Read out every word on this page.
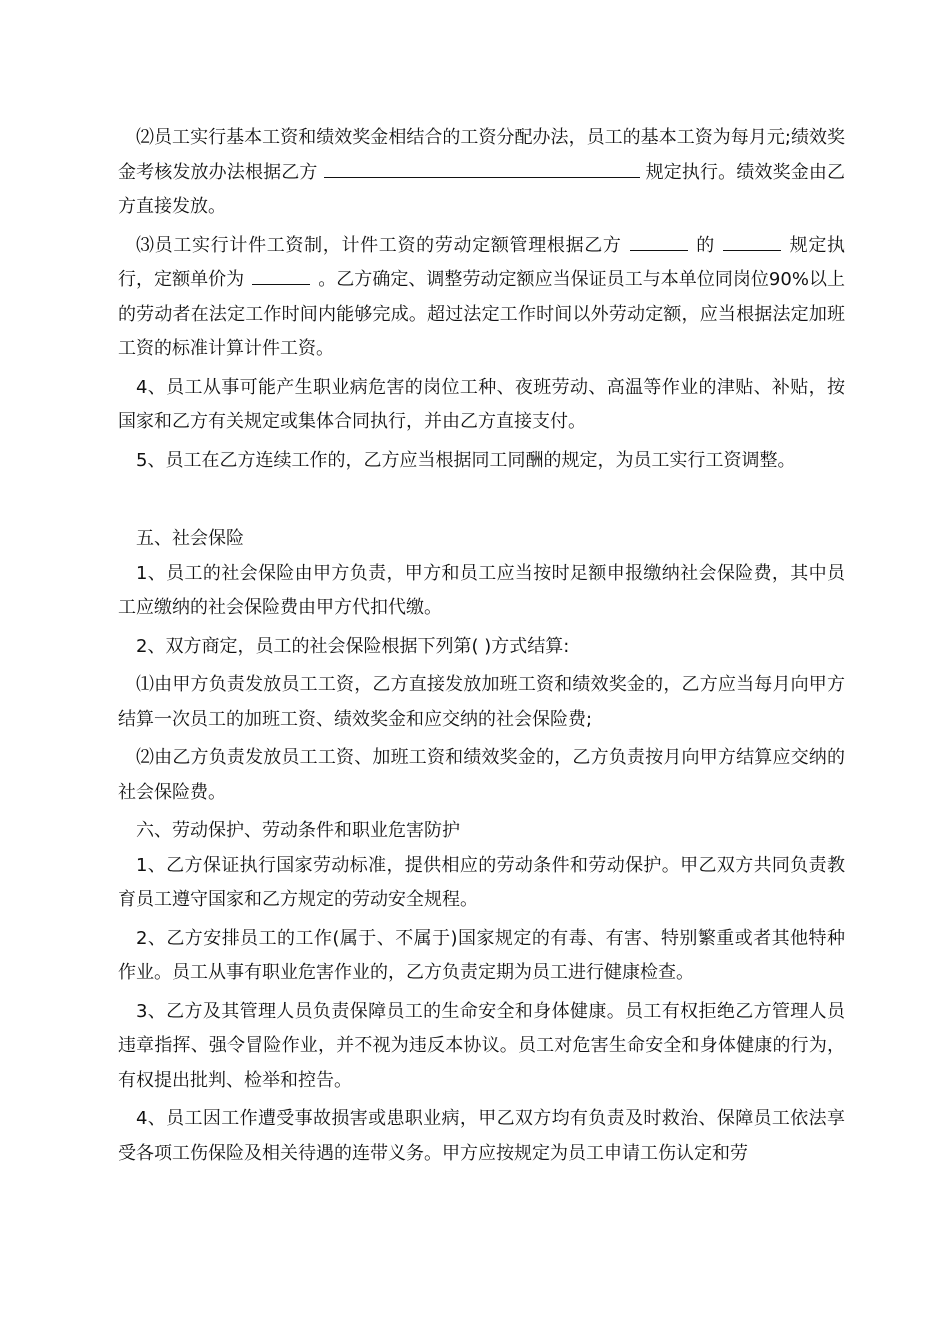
⑵员工实行基本工资和绩效奖金相结合的工资分配办法，员工的基本工资为每月元;绩效奖金考核发放办法根据乙方	规定执行。绩效奖金由乙方直接发放。

⑶员工实行计件工资制，计件工资的劳动定额管理根据乙方	的	规定执行，定额单价为	。乙方确定、调整劳动定额应当保证员工与本单位同岗位90%以上的劳动者在法定工作时间内能够完成。超过法定工作时间以外劳动定额，应当根据法定加班工资的标准计算计件工资。

4、员工从事可能产生职业病危害的岗位工种、夜班劳动、高温等作业的津贴、补贴，按国家和乙方有关规定或集体合同执行，并由乙方直接支付。

5、员工在乙方连续工作的，乙方应当根据同工同酬的规定，为员工实行工资调整。

五、社会保险

1、员工的社会保险由甲方负责，甲方和员工应当按时足额申报缴纳社会保险费，其中员工应缴纳的社会保险费由甲方代扣代缴。

2、双方商定，员工的社会保险根据下列第( )方式结算:

⑴由甲方负责发放员工工资，乙方直接发放加班工资和绩效奖金的，乙方应当每月向甲方结算一次员工的加班工资、绩效奖金和应交纳的社会保险费;

⑵由乙方负责发放员工工资、加班工资和绩效奖金的，乙方负责按月向甲方结算应交纳的社会保险费。

六、劳动保护、劳动条件和职业危害防护

1、乙方保证执行国家劳动标准，提供相应的劳动条件和劳动保护。甲乙双方共同负责教育员工遵守国家和乙方规定的劳动安全规程。

2、乙方安排员工的工作(属于、不属于)国家规定的有毒、有害、特别繁重或者其他特种作业。员工从事有职业危害作业的，乙方负责定期为员工进行健康检查。

3、乙方及其管理人员负责保障员工的生命安全和身体健康。员工有权拒绝乙方管理人员违章指挥、强令冒险作业，并不视为违反本协议。员工对危害生命安全和身体健康的行为，有权提出批判、检举和控告。

4、员工因工作遭受事故损害或患职业病，甲乙双方均有负责及时救治、保障员工依法享受各项工伤保险及相关待遇的连带义务。甲方应按规定为员工申请工伤认定和劳
